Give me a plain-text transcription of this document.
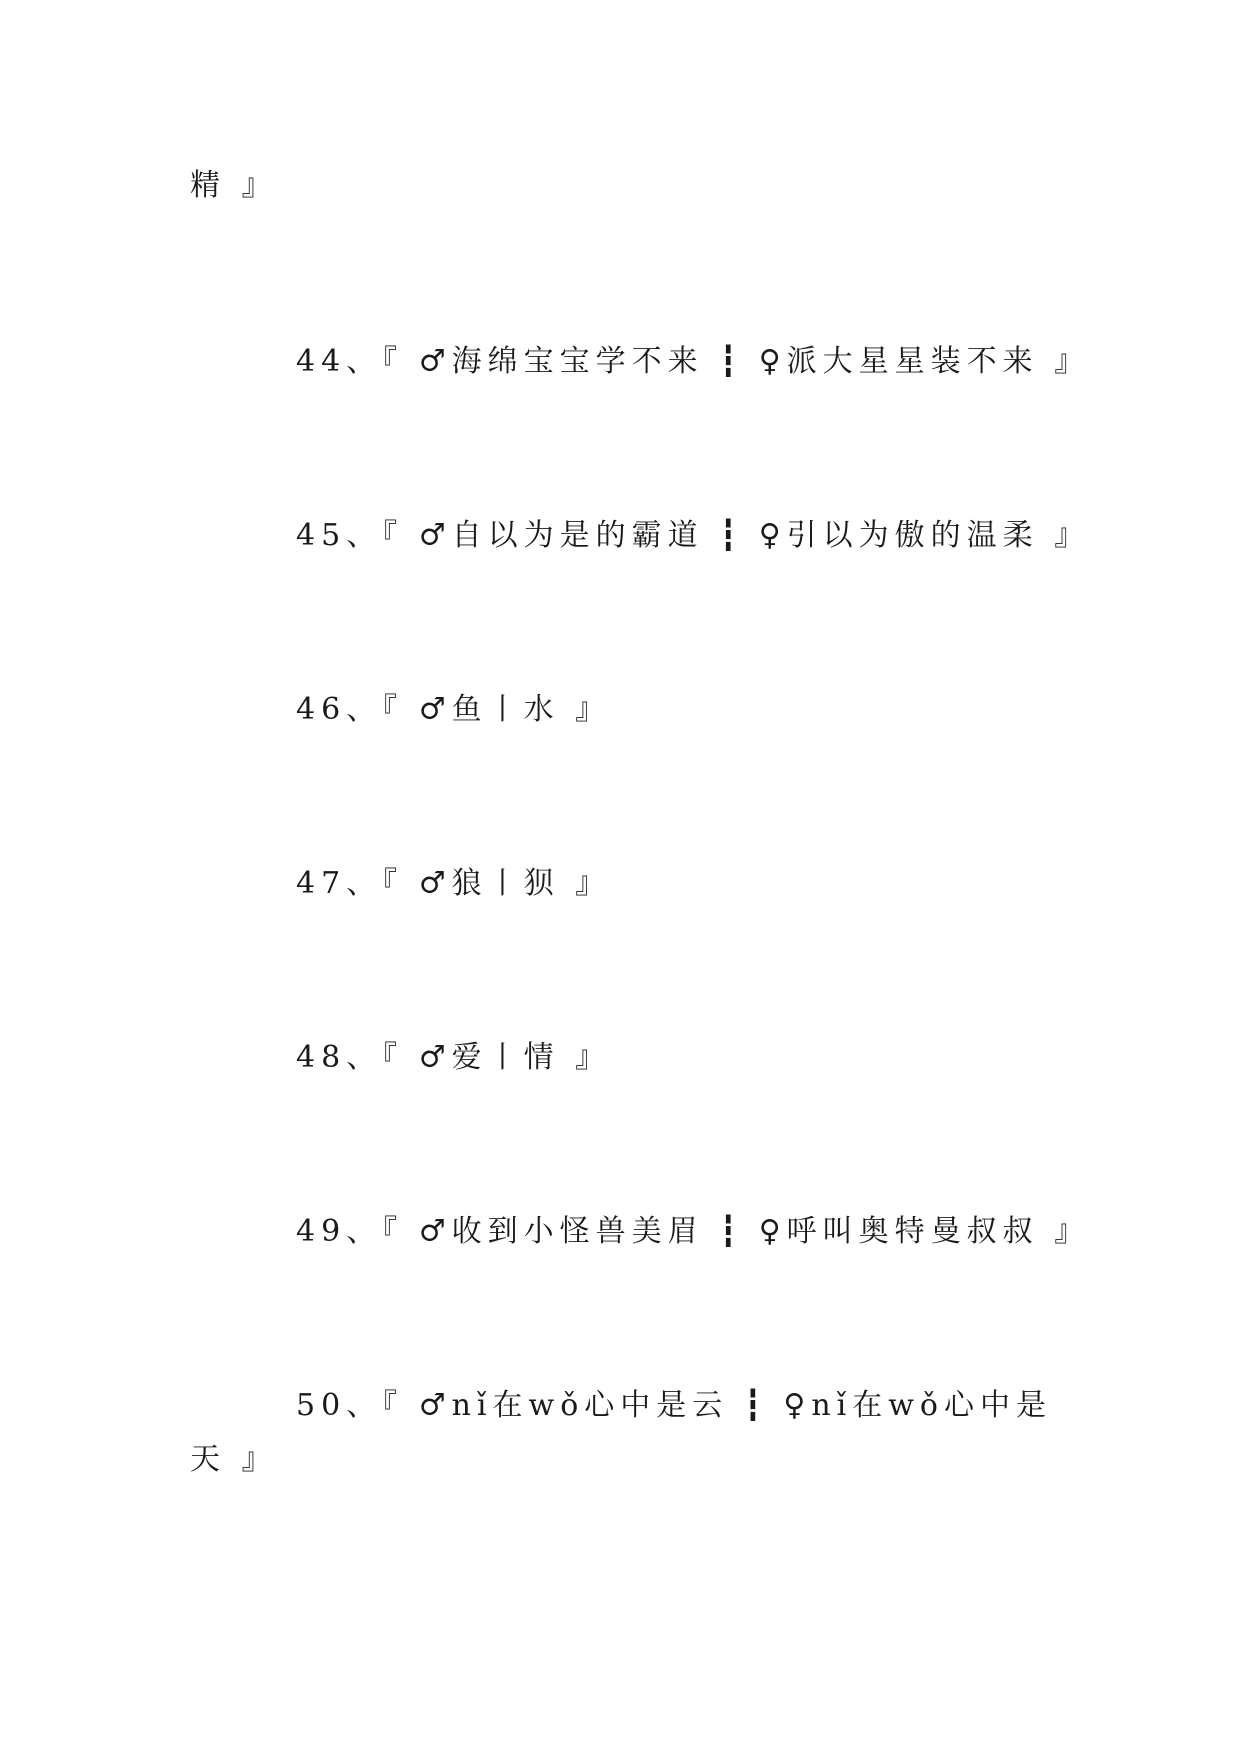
精 』
44、『 ♂海绵宝宝学不来 ┇ ♀派大星星装不来 』
45、『 ♂自以为是的霸道 ┇ ♀引以为傲的温柔 』
46、『 ♂鱼丨水 』
47、『 ♂狼丨狈 』
48、『 ♂爱丨情 』
49、『 ♂收到小怪兽美眉 ┇ ♀呼叫奥特曼叔叔 』
50、『 ♂nǐ在wǒ心中是云 ┇ ♀nǐ在wǒ心中是
天 』
